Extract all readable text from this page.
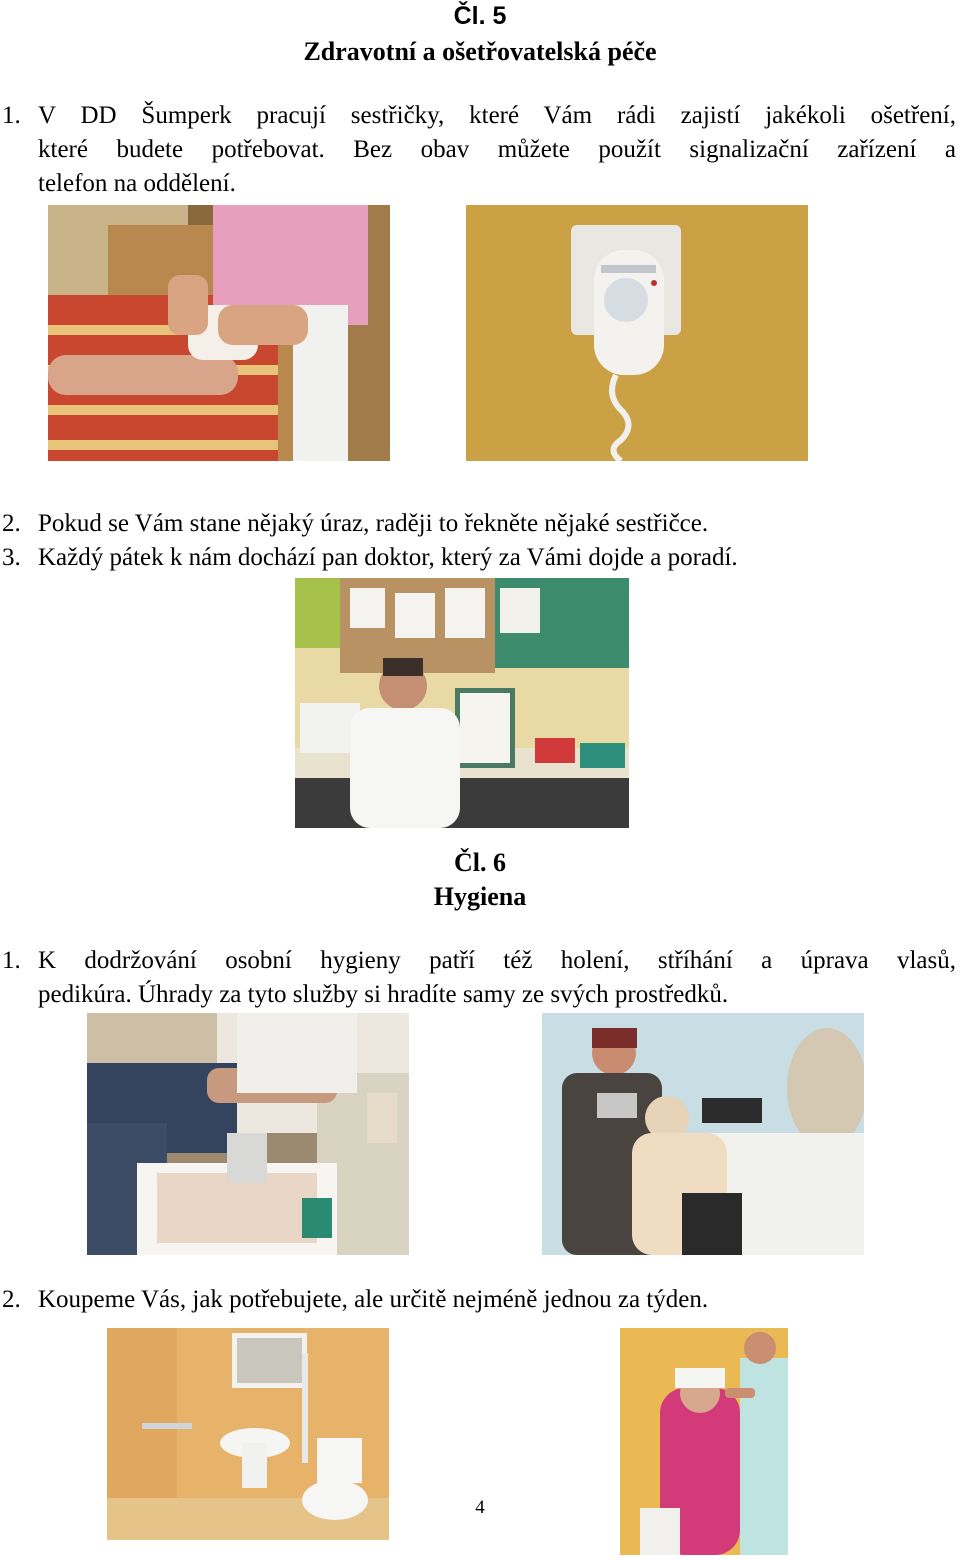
Čl. 5
Zdravotní a ošetřovatelská péče
1. V DD Šumperk pracují sestřičky, které Vám rádi zajistí jakékoli ošetření,
které budete potřebovat. Bez obav můžete použít signalizační zařízení a
telefon na oddělení.
2. Pokud se Vám stane nějaký úraz, raději to řekněte nějaké sestřičce.
3. Každý pátek k nám dochází pan doktor, který za Vámi dojde a poradí.
Čl. 6
Hygiena
1. K dodržování osobní hygieny patří též holení, stříhání a úprava vlasů,
pedikúra. Úhrady za tyto služby si hradíte samy ze svých prostředků.
2. Koupeme Vás, jak potřebujete, ale určitě nejméně jednou za týden.
4
